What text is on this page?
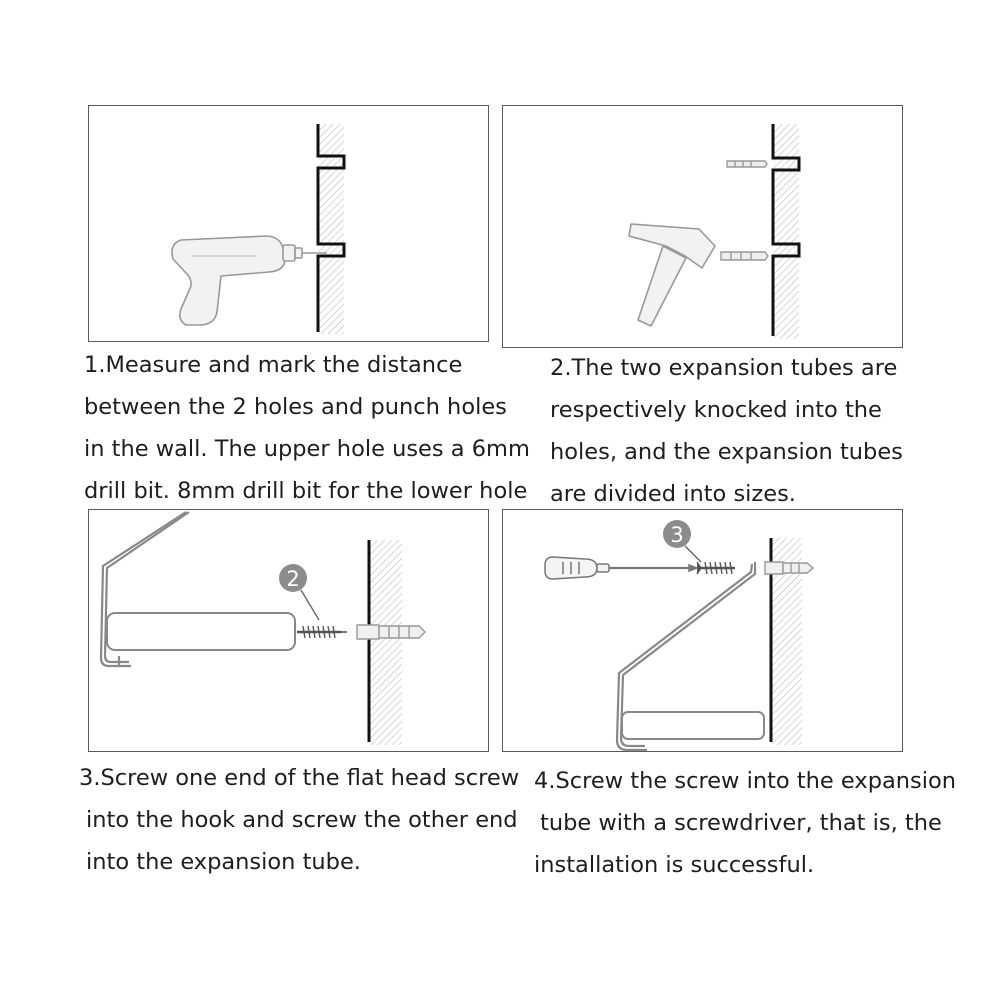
1.Measure and mark the distance
between the 2 holes and punch holes
in the wall. The upper hole uses a 6mm
drill bit. 8mm drill bit for the lower hole

2.The two expansion tubes are
respectively knocked into the
holes, and the expansion tubes
are divided into sizes.

2

3.Screw one end of the flat head screw
into the hook and screw the other end
into the expansion tube.

3

4.Screw the screw into the expansion
tube with a screwdriver, that is, the
installation is successful.
